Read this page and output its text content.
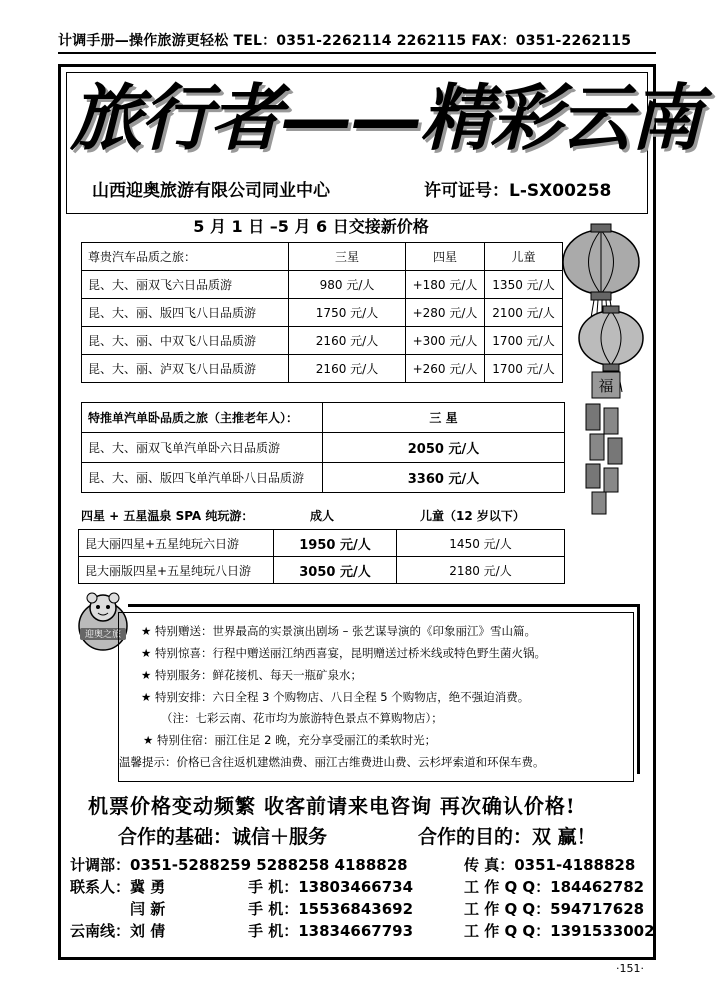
计调手册—操作旅游更轻松 TEL：0351-2262114 2262115 FAX：0351-2262115
旅行者——精彩云南
山西迎奥旅游有限公司同业中心	许可证号：L-SX00258
5 月 1 日 –5 月 6 日交接新价格
尊贵汽车品质之旅：	三星	四星	儿童
昆、大、丽双飞六日品质游	980 元/人	+180 元/人	1350 元/人
昆、大、丽、版四飞八日品质游	1750 元/人	+280 元/人	2100 元/人
昆、大、丽、中双飞八日品质游	2160 元/人	+300 元/人	1700 元/人
昆、大、丽、泸双飞八日品质游	2160 元/人	+260 元/人	1700 元/人
特推单汽单卧品质之旅（主推老年人）：	三 星
昆、大、丽双飞单汽单卧六日品质游	2050 元/人
昆、大、丽、版四飞单汽单卧八日品质游	3360 元/人
四星 + 五星温泉 SPA 纯玩游：	成人	儿童（12 岁以下）
昆大丽四星+五星纯玩六日游	1950 元/人	1450 元/人
昆大丽版四星+五星纯玩八日游	3050 元/人	2180 元/人
迎奥之旅 ★ 特别赠送：世界最高的实景演出剧场 – 张艺谋导演的《印象丽江》雪山篇。
★ 特别惊喜：行程中赠送丽江纳西喜宴，昆明赠送过桥米线或特色野生菌火锅。
★ 特别服务：鲜花接机、每天一瓶矿泉水；
★ 特别安排：六日全程 3 个购物店、八日全程 5 个购物店，绝不强迫消费。
（注：七彩云南、花市均为旅游特色景点不算购物店）；
★ 特别住宿：丽江住足 2 晚，充分享受丽江的柔软时光；
温馨提示：价格已含往返机建燃油费、丽江古维费进山费、云杉坪索道和环保车费。
机票价格变动频繁 收客前请来电咨询 再次确认价格!
合作的基础：诚信＋服务	合作的目的：双 赢！
计调部：0351-5288259 5288258 4188828	传 真：0351-4188828
联系人：冀 勇	手 机：13803466734	工 作 Q Q：184462782
闫 新	手 机：15536843692	工 作 Q Q：594717628
云南线：刘 倩	手 机：13834667793	工 作 Q Q：1391533002
·151·
福
